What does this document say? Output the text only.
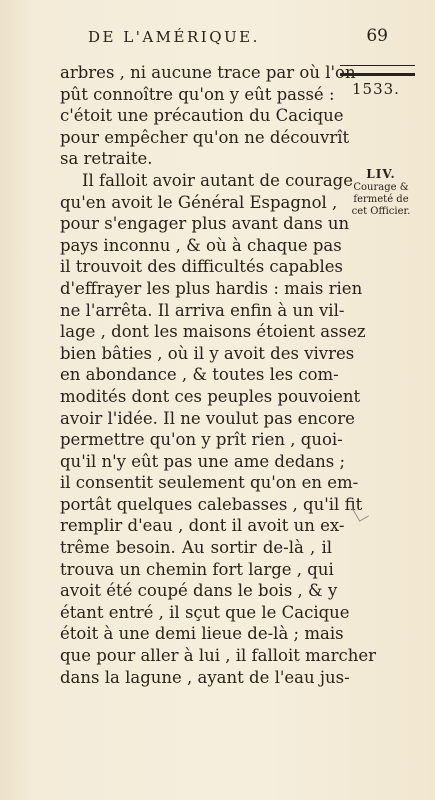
DE L'AMÉRIQUE.	69
1533.
arbres , ni aucune trace par où l'on
pût connoître qu'on y eût passé :
c'étoit une précaution du Cacique
pour empêcher qu'on ne découvrît
sa retraite.
Il falloit avoir autant de courage
qu'en avoit le Général Espagnol ,
pour s'engager plus avant dans un
pays inconnu , & où à chaque pas
il trouvoit des difficultés capables
d'effrayer les plus hardis : mais rien
ne l'arrêta. Il arriva enfin à un vil-
lage , dont les maisons étoient assez
bien bâties , où il y avoit des vivres
en abondance , & toutes les com-
modités dont ces peuples pouvoient
avoir l'idée. Il ne voulut pas encore
permettre qu'on y prît rien , quoi-
qu'il n'y eût pas une ame dedans ;
il consentit seulement qu'on en em-
portât quelques calebasses , qu'il fit
remplir d'eau , dont il avoit un ex-
trême besoin. Au sortir de-là , il
trouva un chemin fort large , qui
avoit été coupé dans le bois , & y
étant entré , il sçut que le Cacique
étoit à une demi lieue de-là ; mais
que pour aller à lui , il falloit marcher
dans la lagune , ayant de l'eau jus-
LIV.
Courage &
fermeté de
cet Officier.
